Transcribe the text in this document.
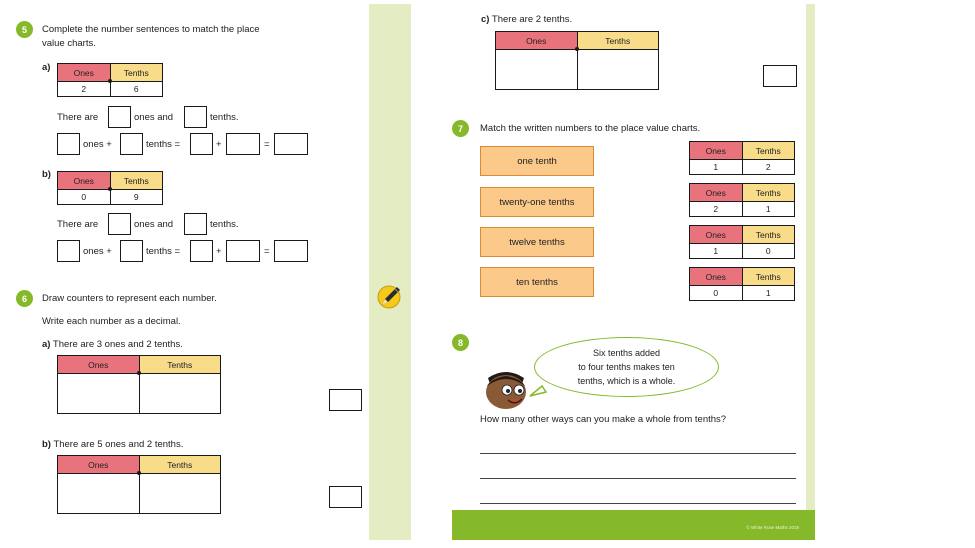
5 Complete the number sentences to match the place
value charts.
a)	Ones	Tenths
2	6
There are	ones and	tenths.
ones +	tenths =	+	=
b)
Ones	Tenths
0	9
There are	ones and	tenths.
ones +	tenths =	+	=
6 Draw counters to represent each number.
Write each number as a decimal.
a) There are 3 ones and 2 tenths.
Ones	Tenths

b) There are 5 ones and 2 tenths.
Ones	Tenths

c) There are 2 tenths.
Ones	Tenths

7 Match the written numbers to the place value charts.
one tenth
twenty-one tenths
twelve tenths
ten tenths
Ones	Tenths
1	2
Ones	Tenths
2	1
Ones	Tenths
1	0
Ones	Tenths
0	1
8
Six tenths added
to four tenths makes ten
tenths, which is a whole.
How many other ways can you make a whole from tenths?
© White Rose Maths 2019
